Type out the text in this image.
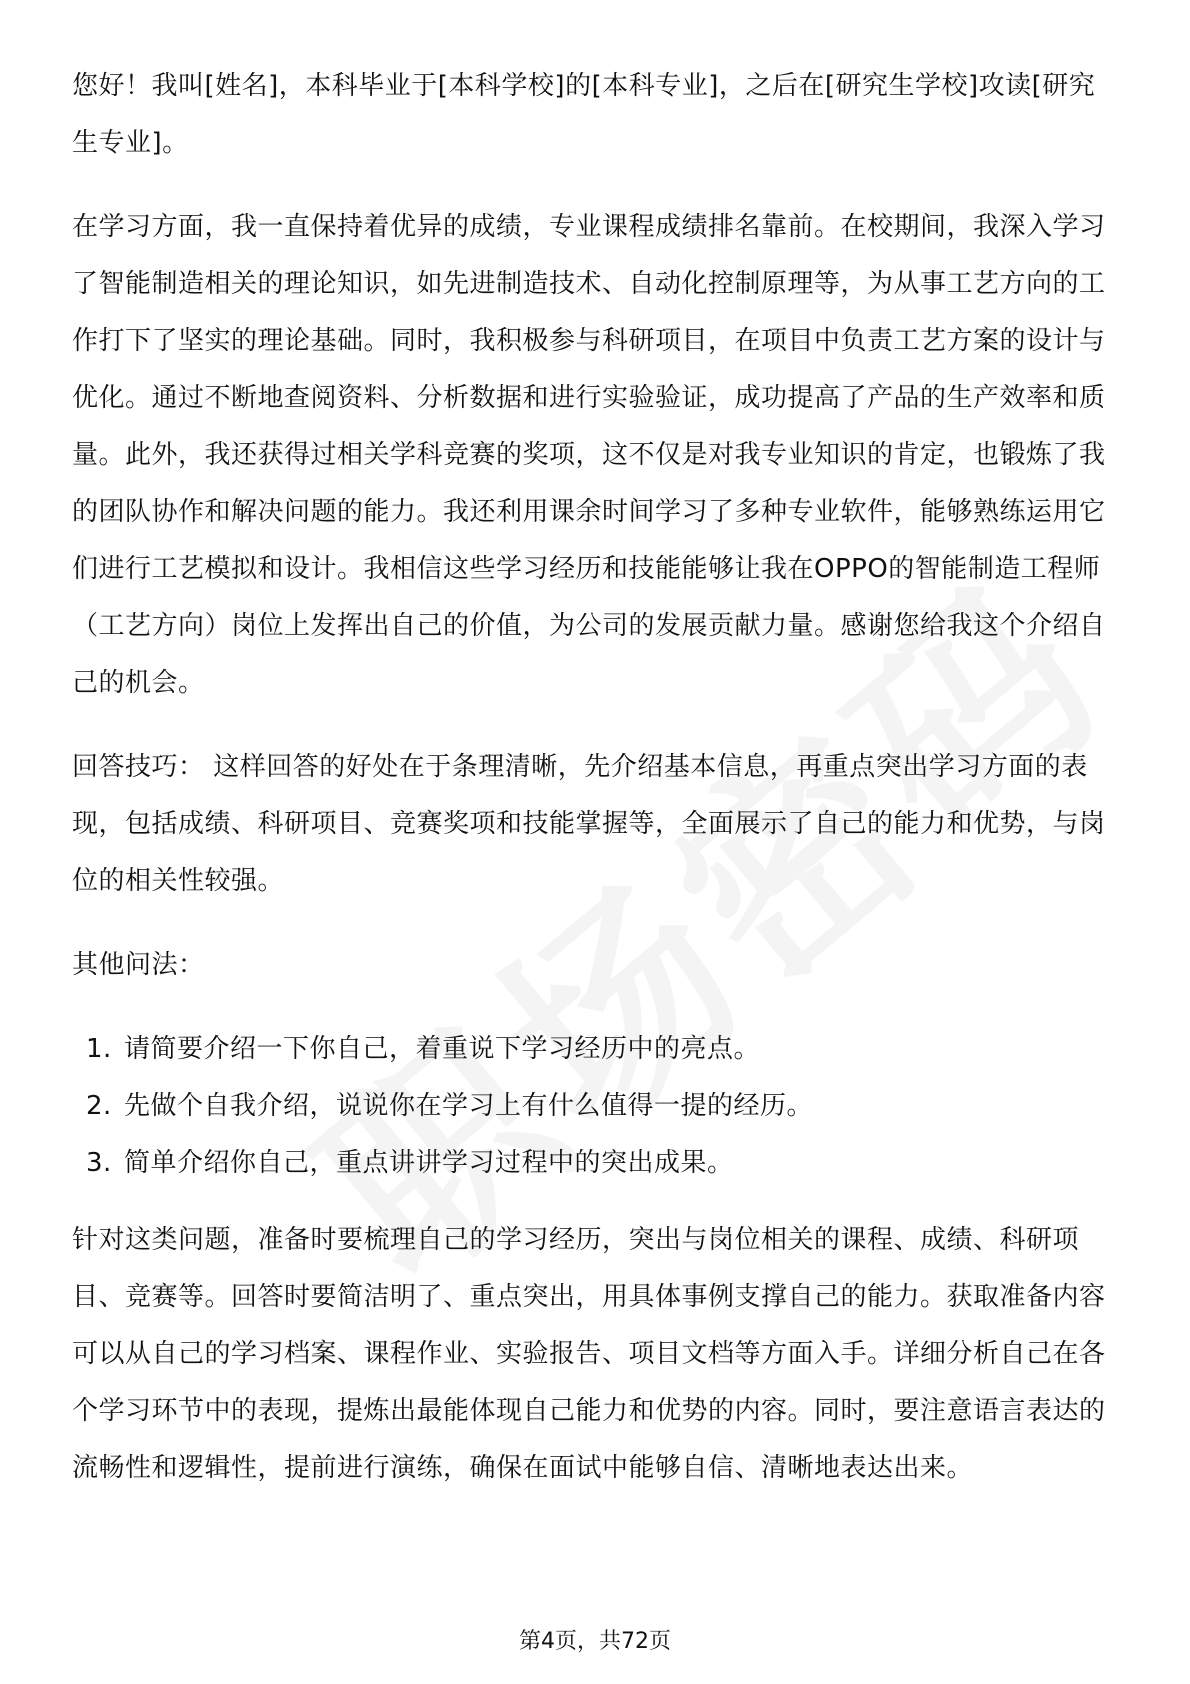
您好！我叫[姓名]，本科毕业于[本科学校]的[本科专业]，之后在[研究生学校]攻读[研究生专业]。

在学习方面，我一直保持着优异的成绩，专业课程成绩排名靠前。在校期间，我深入学习了智能制造相关的理论知识，如先进制造技术、自动化控制原理等，为从事工艺方向的工作打下了坚实的理论基础。同时，我积极参与科研项目，在项目中负责工艺方案的设计与优化。通过不断地查阅资料、分析数据和进行实验验证，成功提高了产品的生产效率和质量。此外，我还获得过相关学科竞赛的奖项，这不仅是对我专业知识的肯定，也锻炼了我的团队协作和解决问题的能力。我还利用课余时间学习了多种专业软件，能够熟练运用它们进行工艺模拟和设计。我相信这些学习经历和技能能够让我在OPPO的智能制造工程师（工艺方向）岗位上发挥出自己的价值，为公司的发展贡献力量。感谢您给我这个介绍自己的机会。

回答技巧： 这样回答的好处在于条理清晰，先介绍基本信息，再重点突出学习方面的表现，包括成绩、科研项目、竞赛奖项和技能掌握等，全面展示了自己的能力和优势，与岗位的相关性较强。

其他问法：

1. 请简要介绍一下你自己，着重说下学习经历中的亮点。
2. 先做个自我介绍，说说你在学习上有什么值得一提的经历。
3. 简单介绍你自己，重点讲讲学习过程中的突出成果。

针对这类问题，准备时要梳理自己的学习经历，突出与岗位相关的课程、成绩、科研项目、竞赛等。回答时要简洁明了、重点突出，用具体事例支撑自己的能力。获取准备内容可以从自己的学习档案、课程作业、实验报告、项目文档等方面入手。详细分析自己在各个学习环节中的表现，提炼出最能体现自己能力和优势的内容。同时，要注意语言表达的流畅性和逻辑性，提前进行演练，确保在面试中能够自信、清晰地表达出来。

第4页，共72页
